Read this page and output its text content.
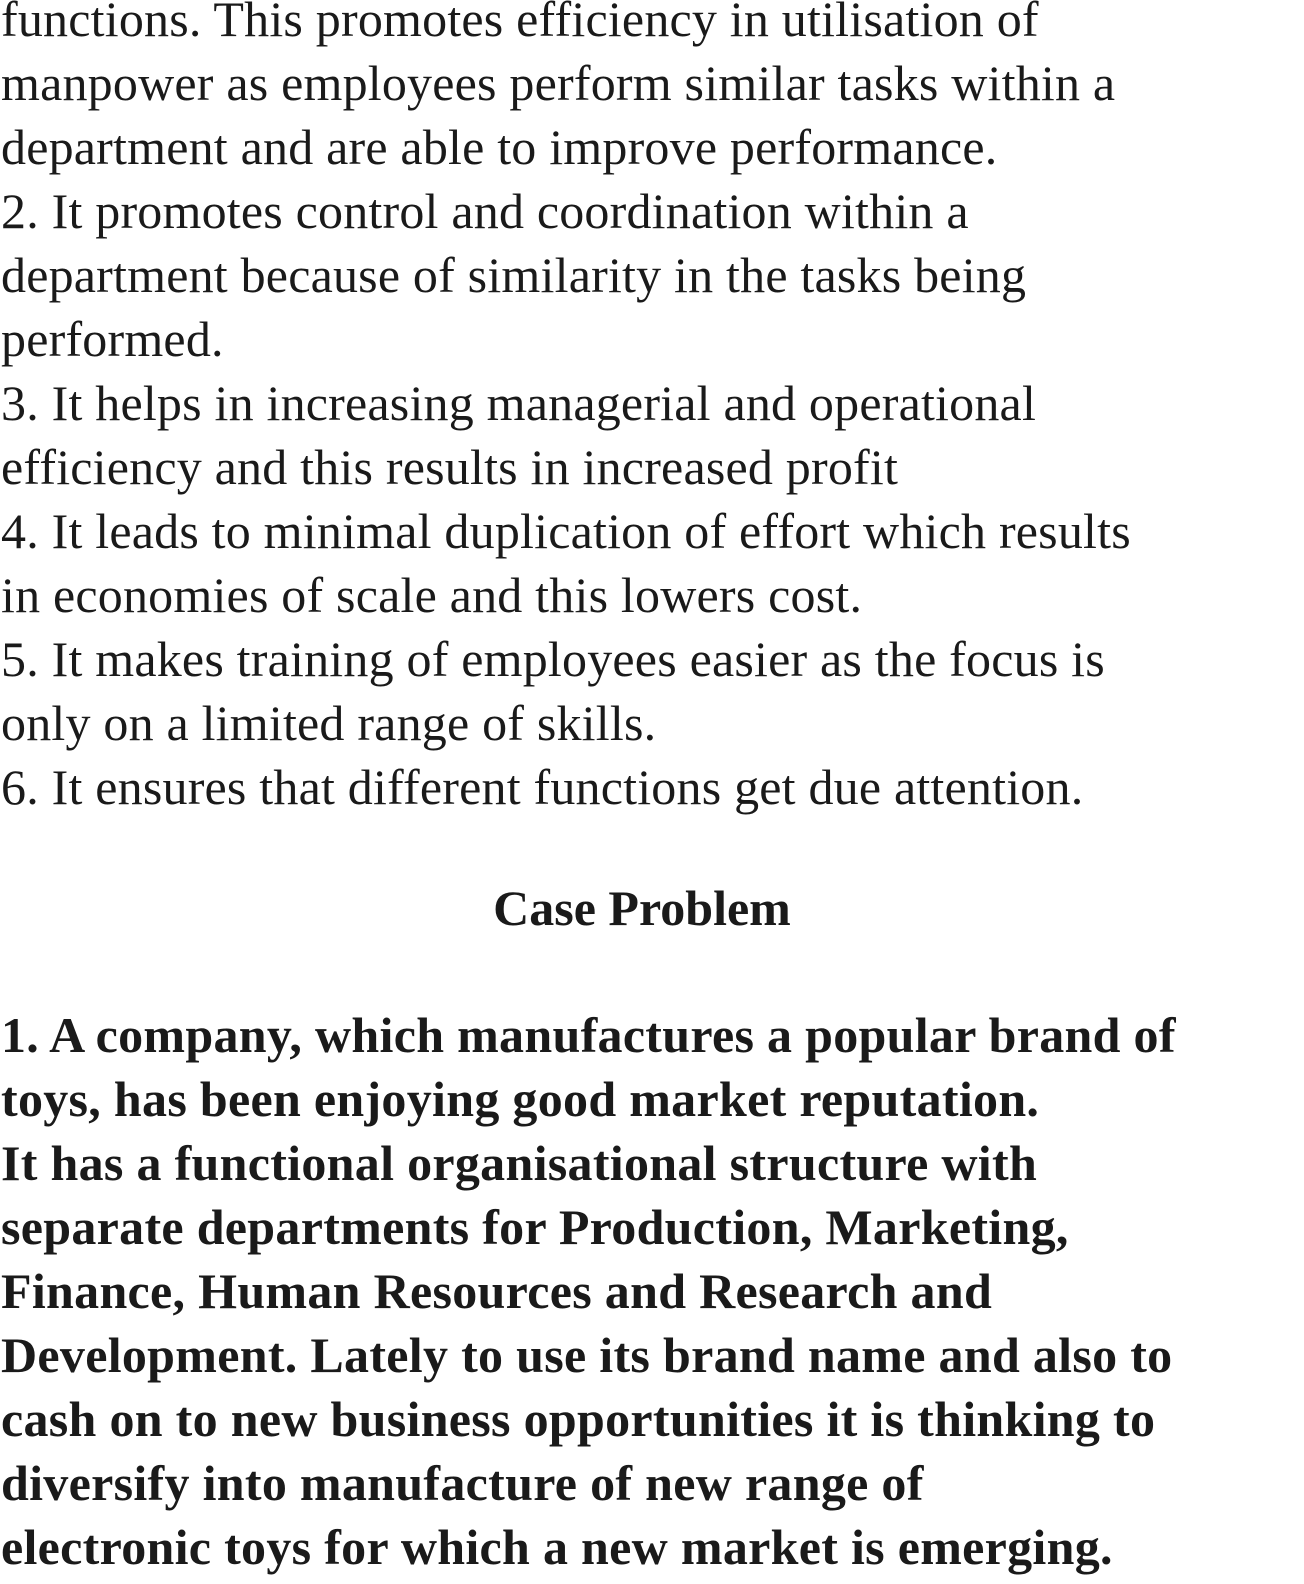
functions. This promotes efficiency in utilisation of
manpower as employees perform similar tasks within a
department and are able to improve performance.
2. It promotes control and coordination within a
department because of similarity in the tasks being
performed.
3. It helps in increasing managerial and operational
efficiency and this results in increased profit
4. It leads to minimal duplication of effort which results
in economies of scale and this lowers cost.
5. It makes training of employees easier as the focus is
only on a limited range of skills.
6. It ensures that different functions get due attention.
Case Problem
1. A company, which manufactures a popular brand of
toys, has been enjoying good market reputation.
It has a functional organisational structure with
separate departments for Production, Marketing,
Finance, Human Resources and Research and
Development. Lately to use its brand name and also to
cash on to new business opportunities it is thinking to
diversify into manufacture of new range of
electronic toys for which a new market is emerging.
